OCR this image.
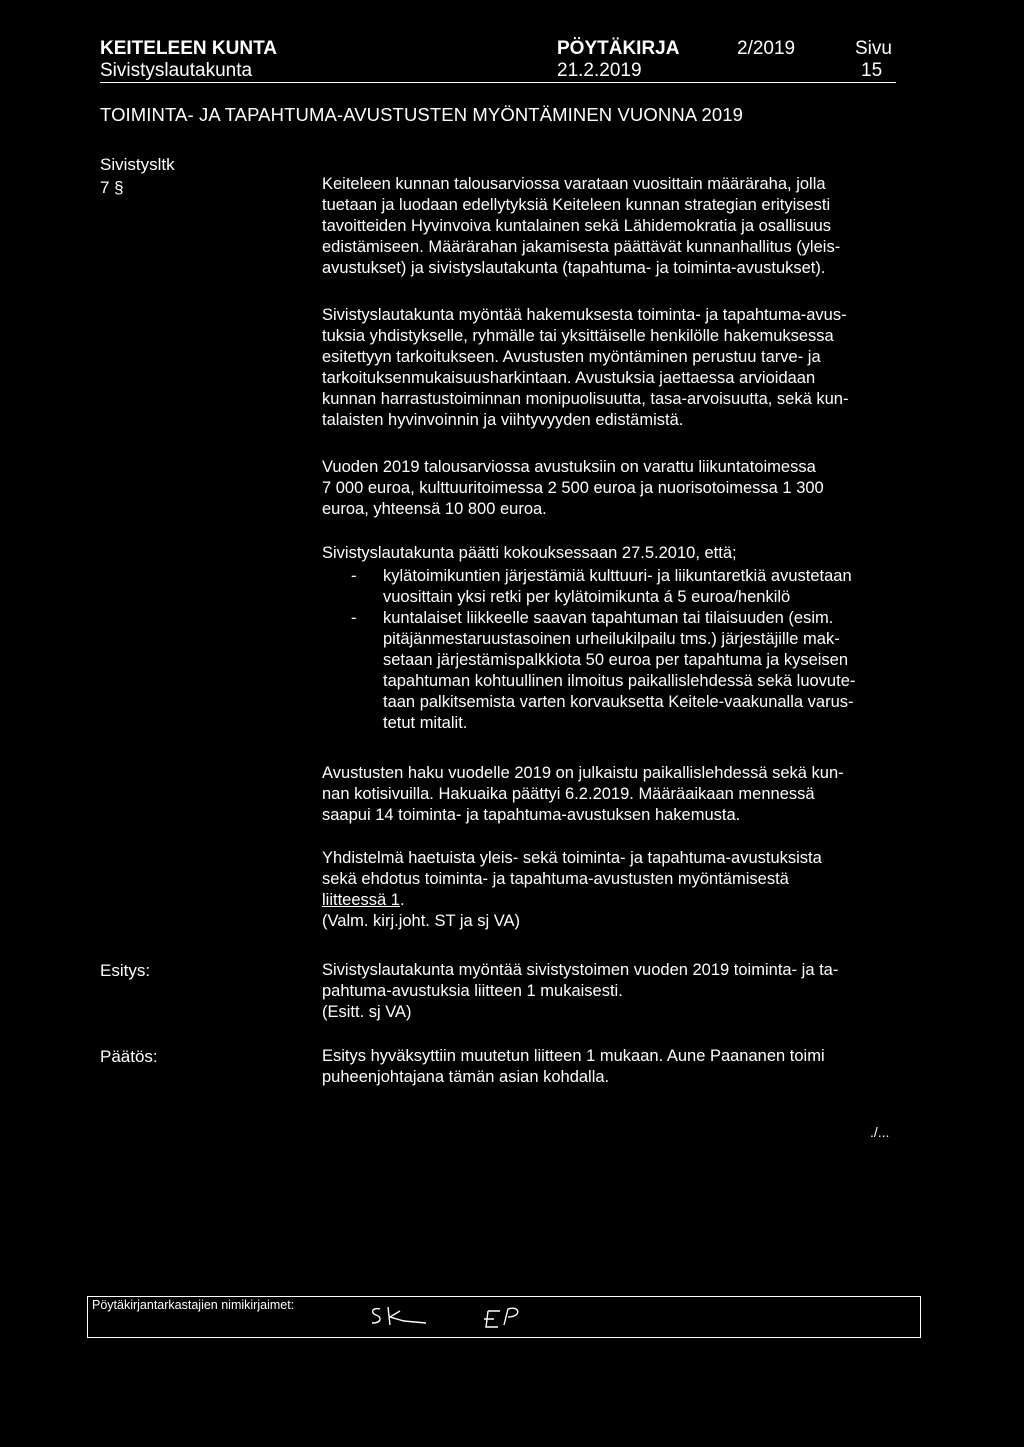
KEITELEEN KUNTA
Sivistyslautakunta
PÖYTÄKIRJA
21.2.2019
2/2019	Sivu
15
TOIMINTA- JA TAPAHTUMA-AVUSTUSTEN MYÖNTÄMINEN VUONNA 2019
Sivistysltk
7 §	Keiteleen kunnan talousarviossa varataan vuosittain määräraha, jolla
tuetaan ja luodaan edellytyksiä Keiteleen kunnan strategian erityisesti
tavoitteiden Hyvinvoiva kuntalainen sekä Lähidemokratia ja osallisuus
edistämiseen. Määrärahan jakamisesta päättävät kunnanhallitus (yleis-
avustukset) ja sivistyslautakunta (tapahtuma- ja toiminta-avustukset).
Sivistyslautakunta myöntää hakemuksesta toiminta- ja tapahtuma-avus-
tuksia yhdistykselle, ryhmälle tai yksittäiselle henkilölle hakemuksessa
esitettyyn tarkoitukseen. Avustusten myöntäminen perustuu tarve- ja
tarkoituksenmukaisuusharkintaan. Avustuksia jaettaessa arvioidaan
kunnan harrastustoiminnan monipuolisuutta, tasa-arvoisuutta, sekä kun-
talaisten hyvinvoinnin ja viihtyvyyden edistämistä.
Vuoden 2019 talousarviossa avustuksiin on varattu liikuntatoimessa
7 000 euroa, kulttuuritoimessa 2 500 euroa ja nuorisotoimessa 1 300
euroa, yhteensä 10 800 euroa.
Sivistyslautakunta päätti kokouksessaan 27.5.2010, että;
- kylätoimikuntien järjestämiä kulttuuri- ja liikuntaretkiä avustetaan
vuosittain yksi retki per kylätoimikunta á 5 euroa/henkilö
- kuntalaiset liikkeelle saavan tapahtuman tai tilaisuuden (esim.
pitäjänmestaruustasoinen urheilukilpailu tms.) järjestäjille mak-
setaan järjestämispalkkiota 50 euroa per tapahtuma ja kyseisen
tapahtuman kohtuullinen ilmoitus paikallislehdessä sekä luovute-
taan palkitsemista varten korvauksetta Keitele-vaakunalla varus-
tetut mitalit.
Avustusten haku vuodelle 2019 on julkaistu paikallislehdessä sekä kun-
nan kotisivuilla. Hakuaika päättyi 6.2.2019. Määräaikaan mennessä
saapui 14 toiminta- ja tapahtuma-avustuksen hakemusta.
Yhdistelmä haetuista yleis- sekä toiminta- ja tapahtuma-avustuksista
sekä ehdotus toiminta- ja tapahtuma-avustusten myöntämisestä
liitteessä 1.
(Valm. kirj.joht. ST ja sj VA)
Esitys:	Sivistyslautakunta myöntää sivistystoimen vuoden 2019 toiminta- ja ta-
pahtuma-avustuksia liitteen 1 mukaisesti.
(Esitt. sj VA)
Päätös:	Esitys hyväksyttiin muutetun liitteen 1 mukaan. Aune Paananen toimi
puheenjohtajana tämän asian kohdalla.
./...
Pöytäkirjantarkastajien nimikirjaimet:
